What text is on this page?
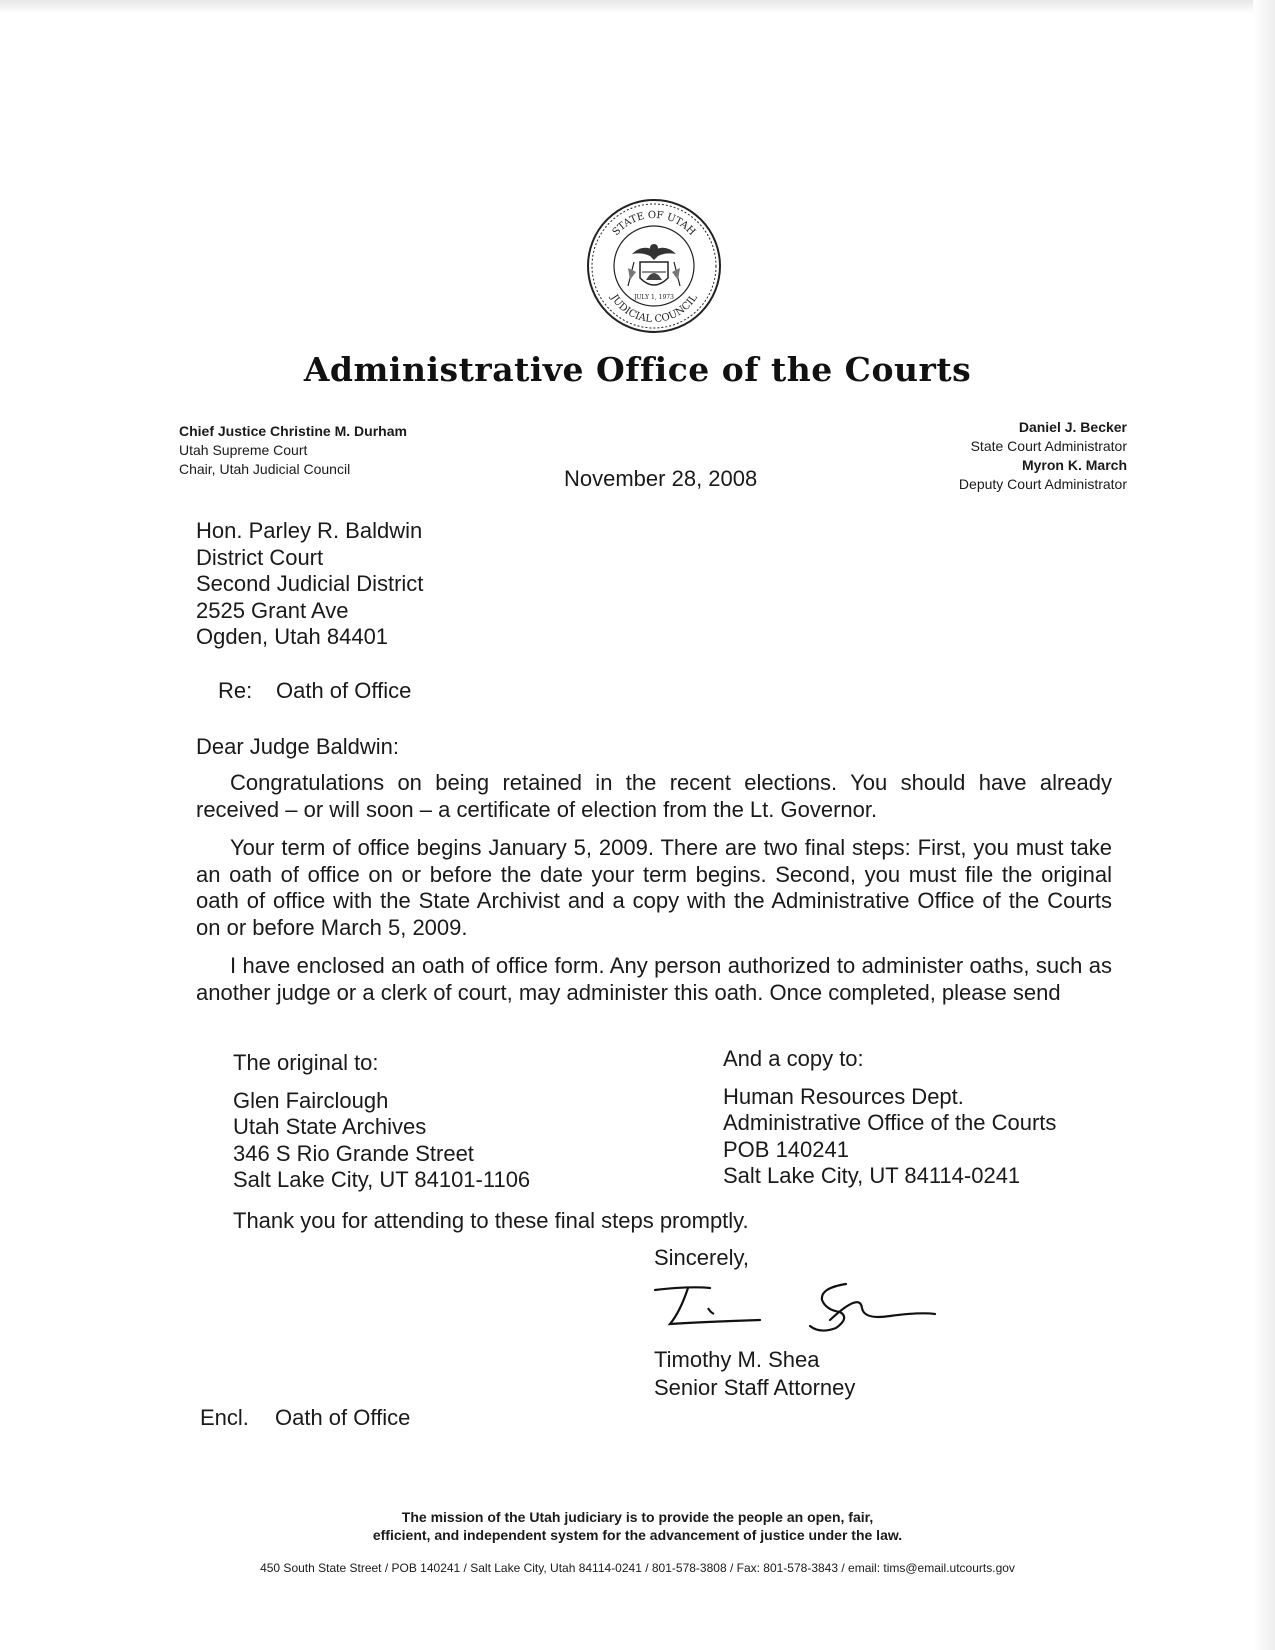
STATE OF UTAH
JUDICIAL COUNCIL
JULY 1, 1973
Administrative Office of the Courts
Chief Justice Christine M. Durham
Utah Supreme Court
Chair, Utah Judicial Council
Daniel J. Becker
State Court Administrator
Myron K. March
Deputy Court Administrator
November 28, 2008
Hon. Parley R. Baldwin
District Court
Second Judicial District
2525 Grant Ave
Ogden, Utah 84401
Re: Oath of Office
Dear Judge Baldwin:
Congratulations on being retained in the recent elections. You should have already received – or will soon – a certificate of election from the Lt. Governor.
Your term of office begins January 5, 2009. There are two final steps: First, you must take an oath of office on or before the date your term begins. Second, you must file the original oath of office with the State Archivist and a copy with the Administrative Office of the Courts on or before March 5, 2009.
I have enclosed an oath of office form. Any person authorized to administer oaths, such as another judge or a clerk of court, may administer this oath. Once completed, please send
The original to:
Glen Fairclough
Utah State Archives
346 S Rio Grande Street
Salt Lake City, UT 84101-1106
And a copy to:
Human Resources Dept.
Administrative Office of the Courts
POB 140241
Salt Lake City, UT 84114-0241
Thank you for attending to these final steps promptly.
Sincerely,
Timothy M. Shea
Senior Staff Attorney
Encl. Oath of Office
The mission of the Utah judiciary is to provide the people an open, fair,
efficient, and independent system for the advancement of justice under the law.
450 South State Street / POB 140241 / Salt Lake City, Utah 84114-0241 / 801-578-3808 / Fax: 801-578-3843 / email: tims@email.utcourts.gov
